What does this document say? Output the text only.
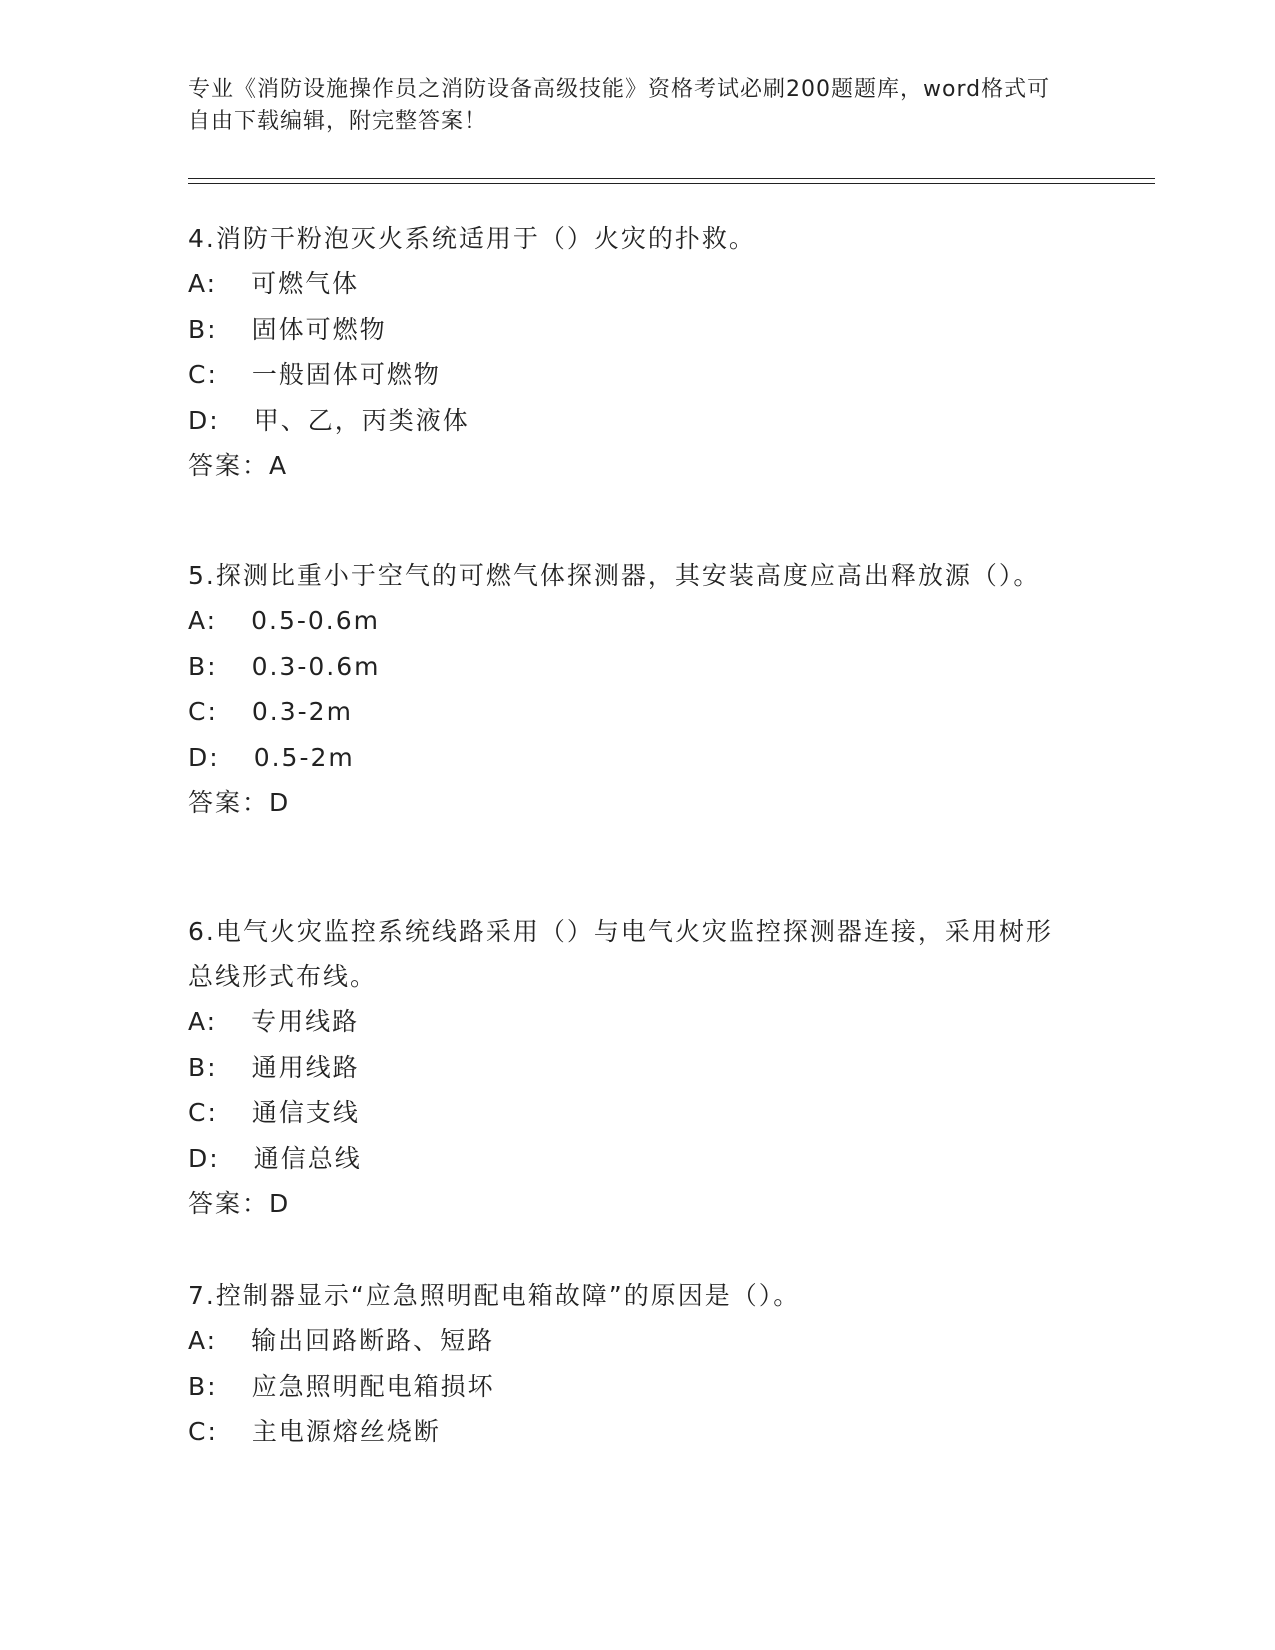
专业《消防设施操作员之消防设备高级技能》资格考试必刷200题题库，word格式可自由下载编辑，附完整答案！
4.消防干粉泡灭火系统适用于（）火灾的扑救。
A: 可燃气体
B: 固体可燃物
C: 一般固体可燃物
D: 甲、乙，丙类液体
答案：A
5.探测比重小于空气的可燃气体探测器，其安装高度应高出释放源（）。
A: 0.5-0.6m
B: 0.3-0.6m
C: 0.3-2m
D: 0.5-2m
答案：D
6.电气火灾监控系统线路采用（）与电气火灾监控探测器连接，采用树形总线形式布线。
A: 专用线路
B: 通用线路
C: 通信支线
D: 通信总线
答案：D
7.控制器显示“应急照明配电箱故障”的原因是（）。
A: 输出回路断路、短路
B: 应急照明配电箱损坏
C: 主电源熔丝烧断
